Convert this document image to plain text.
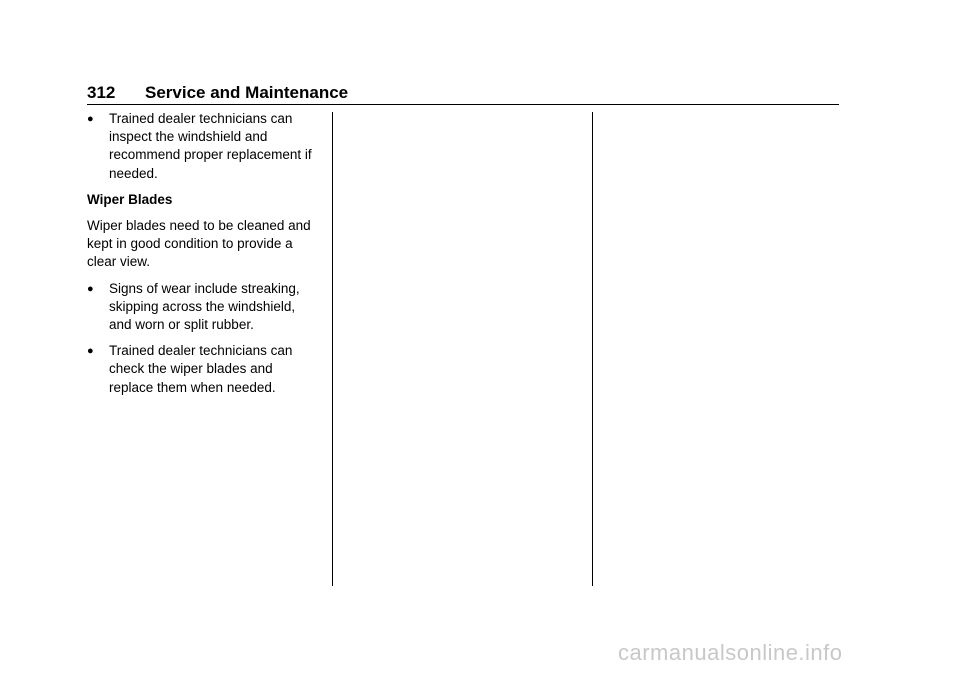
312 Service and Maintenance
● Trained dealer technicians can inspect the windshield and recommend proper replacement if needed.
Wiper Blades
Wiper blades need to be cleaned and kept in good condition to provide a clear view.
● Signs of wear include streaking, skipping across the windshield, and worn or split rubber.
● Trained dealer technicians can check the wiper blades and replace them when needed.
carmanualsonline.info
